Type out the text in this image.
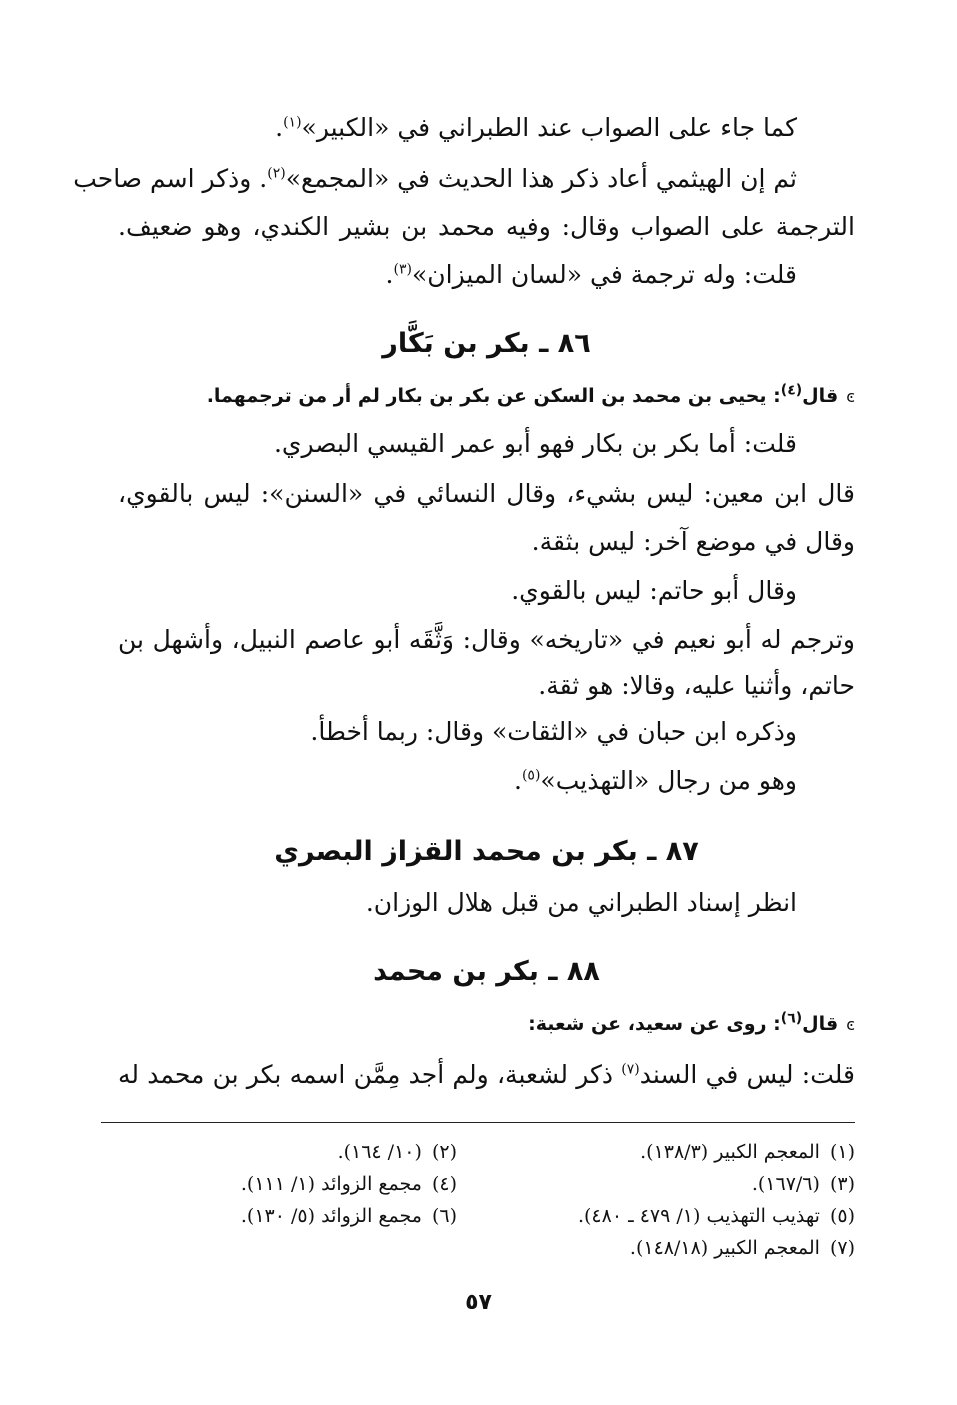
كما جاء على الصواب عند الطبراني في «الكبير»$^{(١)}$.
ثم إن الهيثمي أعاد ذكر هذا الحديث في «المجمع»$^{(٢)}$. وذكر اسم صاحب
الترجمة على الصواب وقال: وفيه محمد بن بشير الكندي، وهو ضعيف.
قلت: وله ترجمة في «لسان الميزان»$^{(٣)}$.
٨٦ ـ بكر بن بَكَّار
ͼقال$^{(٤)}$: يحيى بن محمد بن السكن عن بكر بن بكار لم أر من ترجمهما.
قلت: أما بكر بن بكار فهو أبو عمر القيسي البصري.
قال ابن معين: ليس بشيء، وقال النسائي في «السنن»: ليس بالقوي،
وقال في موضع آخر: ليس بثقة.
وقال أبو حاتم: ليس بالقوي.
وترجم له أبو نعيم في «تاريخه» وقال: وَثَّقَه أبو عاصم النبيل، وأشهل بن
حاتم، وأثنيا عليه، وقالا: هو ثقة.
وذكره ابن حبان في «الثقات» وقال: ربما أخطأ.
وهو من رجال «التهذيب»$^{(٥)}$.
٨٧ ـ بكر بن محمد القزاز البصري
انظر إسناد الطبراني من قبل هلال الوزان.
٨٨ ـ بكر بن محمد
ͼقال$^{(٦)}$: روى عن سعيد، عن شعبة:
قلت: ليس في السند$^{(٧)}$ ذكر لشعبة، ولم أجد مِمَّن اسمه بكر بن محمد له
(١)المعجم الكبير (١٣٨/٣).
(٣)(١٦٧/٦).
(٥)تهذيب التهذيب (١/ ٤٧٩ ـ ٤٨٠).
(٧)المعجم الكبير (١٤٨/١٨).
(٢)(١٠/ ١٦٤).
(٤)مجمع الزوائد (١/ ١١١).
(٦)مجمع الزوائد (٥/ ١٣٠).
٥٧
